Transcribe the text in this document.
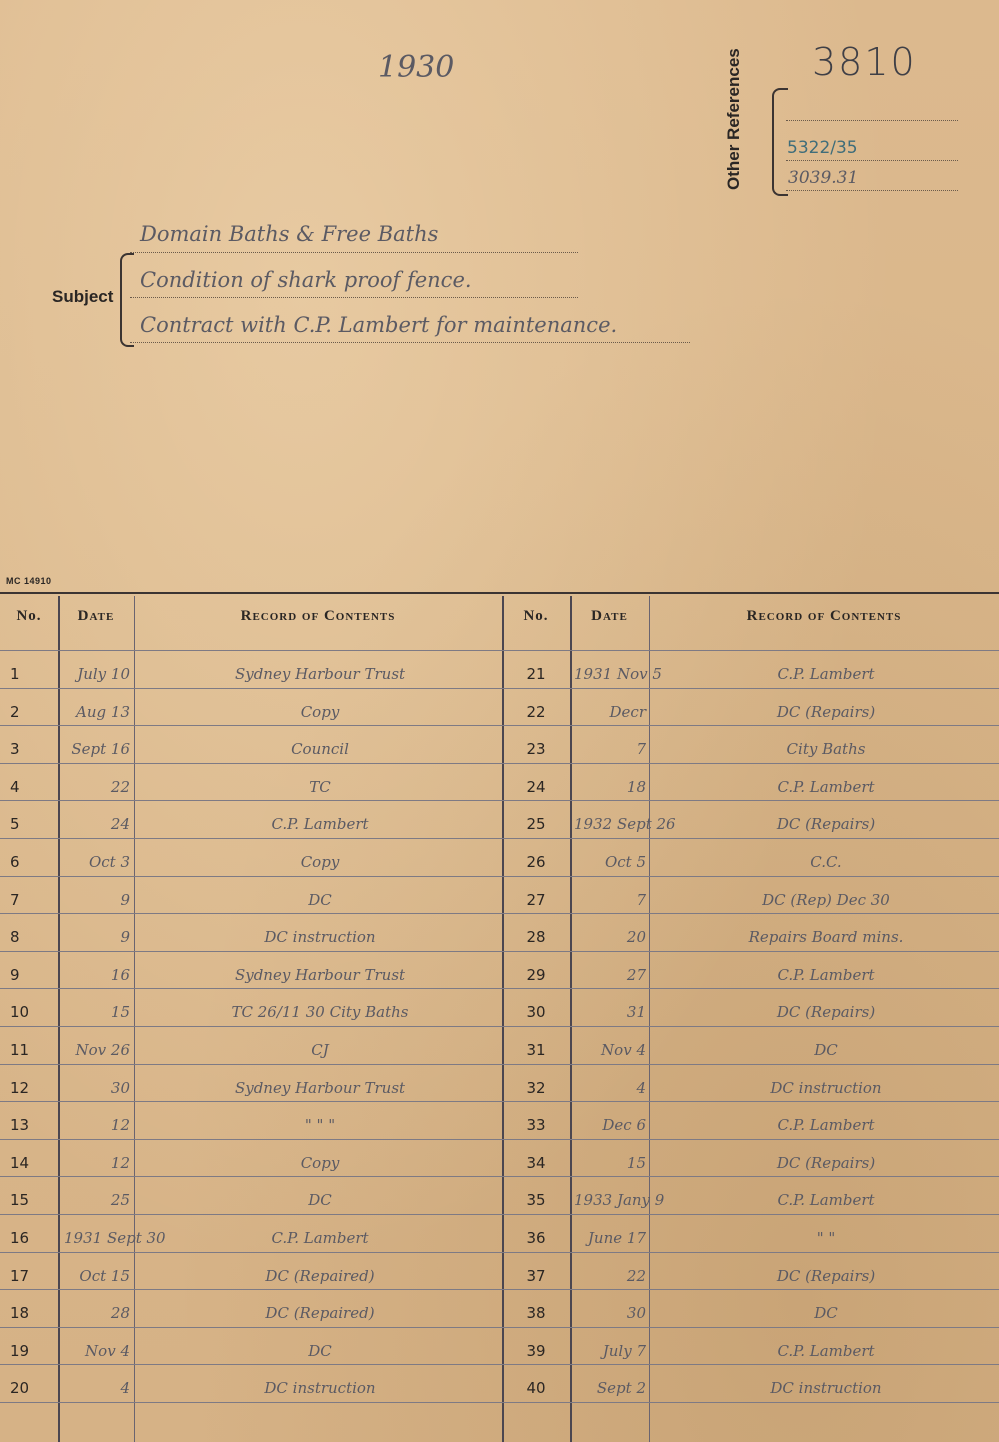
1930	3810
Other References	5322/35
3039.31
Subject
Domain Baths & Free Baths
Condition of shark proof fence.
Contract with C.P. Lambert for maintenance.
MC 14910
No.	Date	Record of Contents	No.	Date	Record of Contents
1	July 10	Sydney Harbour Trust
2	Aug 13	Copy
3	Sept 16	Council
4	22	TC
5	24	C.P. Lambert
6	Oct 3	Copy
7	9	DC
8	9	DC instruction
9	16	Sydney Harbour Trust
10	15	TC 26/11 30 City Baths
11	Nov 26	CJ
12	30	Sydney Harbour Trust
13	12	" " "
14	12	Copy
15	25	DC
16	1931 Sept 30	C.P. Lambert
17	Oct 15	DC (Repaired)
18	28	DC (Repaired)
19	Nov 4	DC
20	4	DC instruction
21	1931 Nov 5	C.P. Lambert
22	Decr	DC (Repairs)
23	7	City Baths
24	18	C.P. Lambert
25	1932 Sept 26	DC (Repairs)
26	Oct 5	C.C.
27	7	DC (Rep) Dec 30
28	20	Repairs Board mins.
29	27	C.P. Lambert
30	31	DC (Repairs)
31	Nov 4	DC
32	4	DC instruction
33	Dec 6	C.P. Lambert
34	15	DC (Repairs)
35	1933 Jany 9	C.P. Lambert
36	June 17	" "
37	22	DC (Repairs)
38	30	DC
39	July 7	C.P. Lambert
40	Sept 2	DC instruction
